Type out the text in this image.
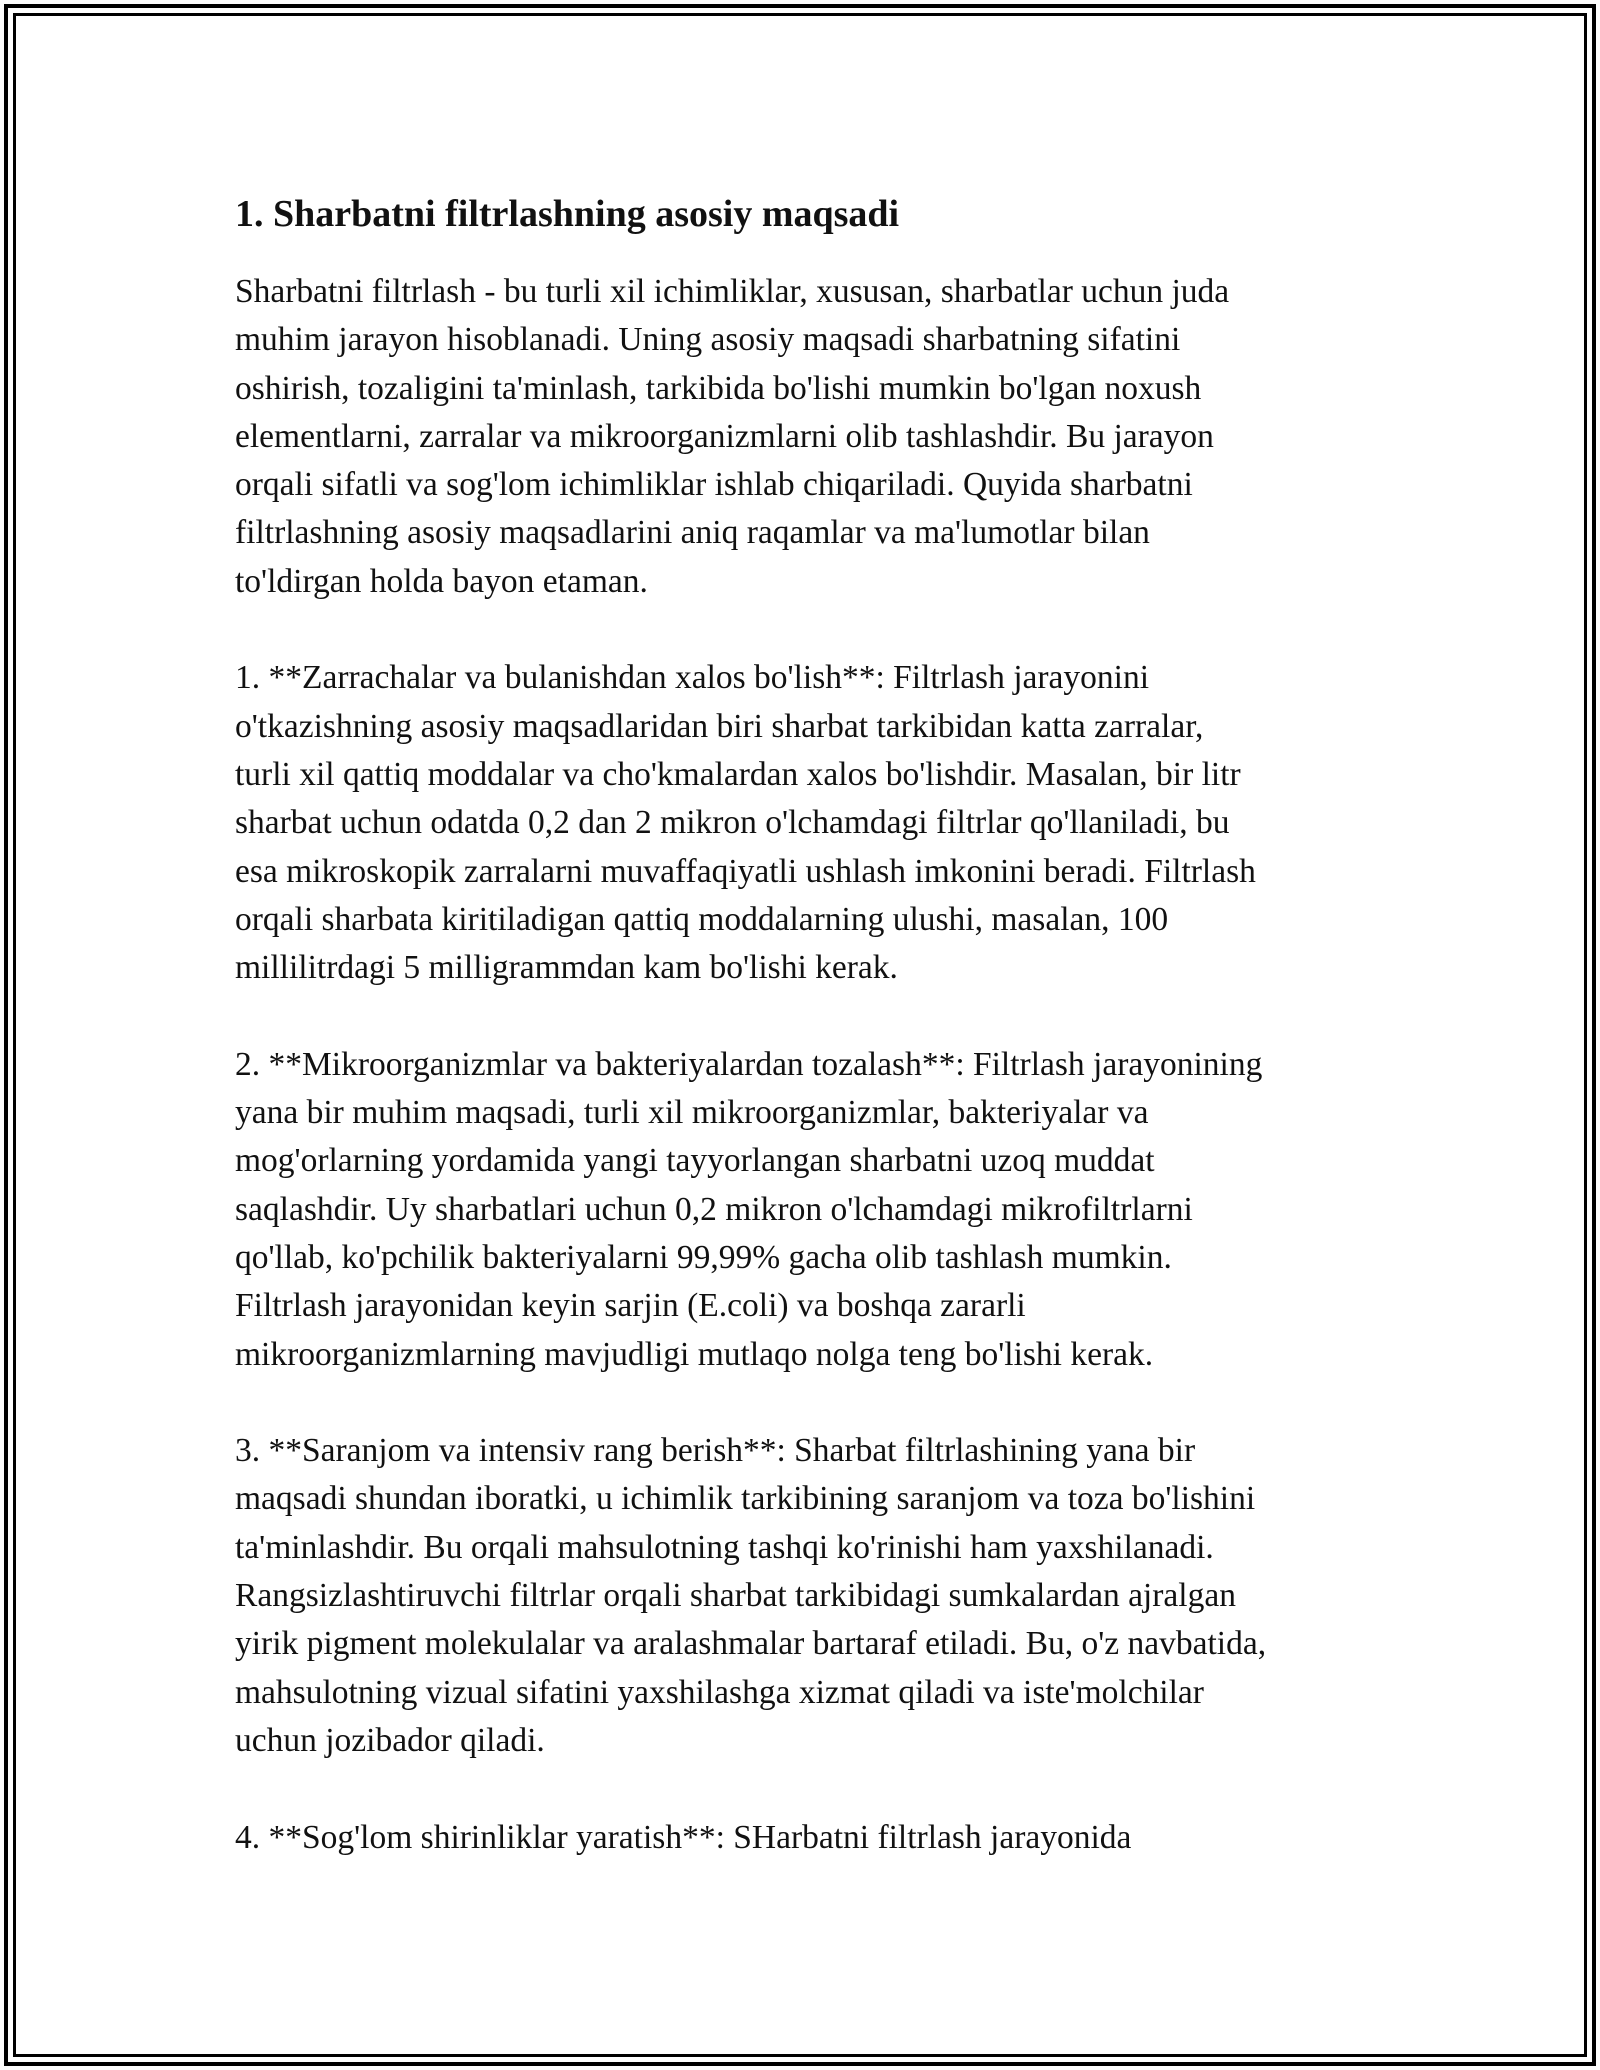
1. Sharbatni filtrlashning asosiy maqsadi

Sharbatni filtrlash - bu turli xil ichimliklar, xususan, sharbatlar uchun juda
muhim jarayon hisoblanadi. Uning asosiy maqsadi sharbatning sifatini
oshirish, tozaligini ta'minlash, tarkibida bo'lishi mumkin bo'lgan noxush
elementlarni, zarralar va mikroorganizmlarni olib tashlashdir. Bu jarayon
orqali sifatli va sog'lom ichimliklar ishlab chiqariladi. Quyida sharbatni
filtrlashning asosiy maqsadlarini aniq raqamlar va ma'lumotlar bilan
to'ldirgan holda bayon etaman.

1. **Zarrachalar va bulanishdan xalos bo'lish**: Filtrlash jarayonini
o'tkazishning asosiy maqsadlaridan biri sharbat tarkibidan katta zarralar,
turli xil qattiq moddalar va cho'kmalardan xalos bo'lishdir. Masalan, bir litr
sharbat uchun odatda 0,2 dan 2 mikron o'lchamdagi filtrlar qo'llaniladi, bu
esa mikroskopik zarralarni muvaffaqiyatli ushlash imkonini beradi. Filtrlash
orqali sharbata kiritiladigan qattiq moddalarning ulushi, masalan, 100
millilitrdagi 5 milligrammdan kam bo'lishi kerak.

2. **Mikroorganizmlar va bakteriyalardan tozalash**: Filtrlash jarayonining
yana bir muhim maqsadi, turli xil mikroorganizmlar, bakteriyalar va
mog'orlarning yordamida yangi tayyorlangan sharbatni uzoq muddat
saqlashdir. Uy sharbatlari uchun 0,2 mikron o'lchamdagi mikrofiltrlarni
qo'llab, ko'pchilik bakteriyalarni 99,99% gacha olib tashlash mumkin.
Filtrlash jarayonidan keyin sarjin (E.coli) va boshqa zararli
mikroorganizmlarning mavjudligi mutlaqo nolga teng bo'lishi kerak.

3. **Saranjom va intensiv rang berish**: Sharbat filtrlashining yana bir
maqsadi shundan iboratki, u ichimlik tarkibining saranjom va toza bo'lishini
ta'minlashdir. Bu orqali mahsulotning tashqi ko'rinishi ham yaxshilanadi.
Rangsizlashtiruvchi filtrlar orqali sharbat tarkibidagi sumkalardan ajralgan
yirik pigment molekulalar va aralashmalar bartaraf etiladi. Bu, o'z navbatida,
mahsulotning vizual sifatini yaxshilashga xizmat qiladi va iste'molchilar
uchun jozibador qiladi.

4. **Sog'lom shirinliklar yaratish**: SHarbatni filtrlash jarayonida
